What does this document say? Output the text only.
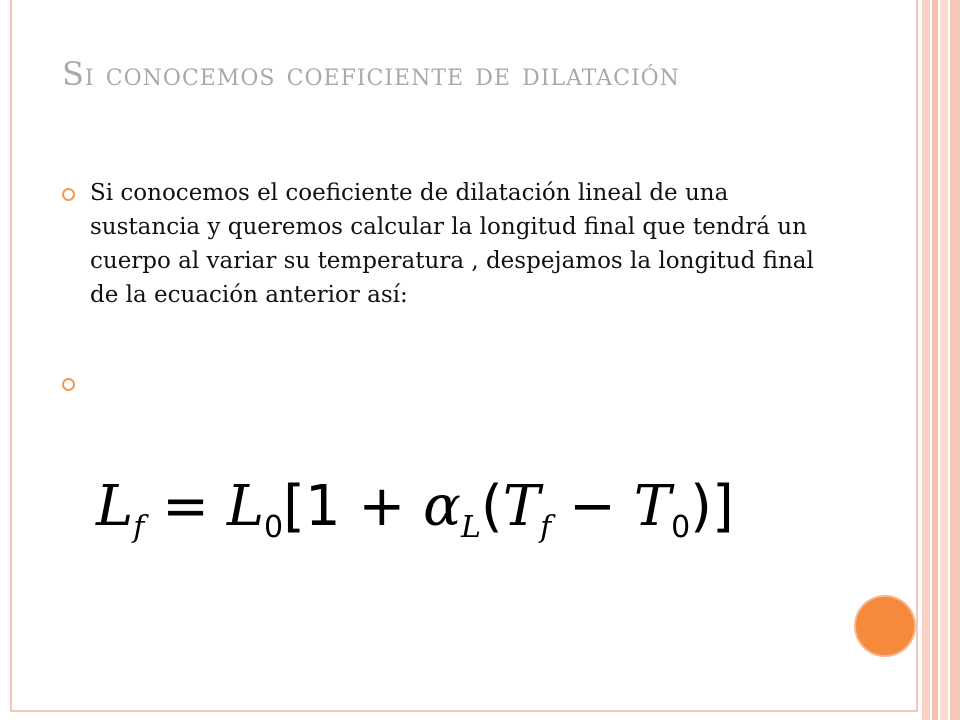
Si conocemos coeficiente de dilatación
Si conocemos el coeficiente de dilatación lineal de una sustancia y queremos calcular la longitud final que tendrá un cuerpo al variar su temperatura , despejamos la longitud final de la ecuación anterior así:
$L_f = L_0[1 + \alpha_L(T_f - T_0)]$
